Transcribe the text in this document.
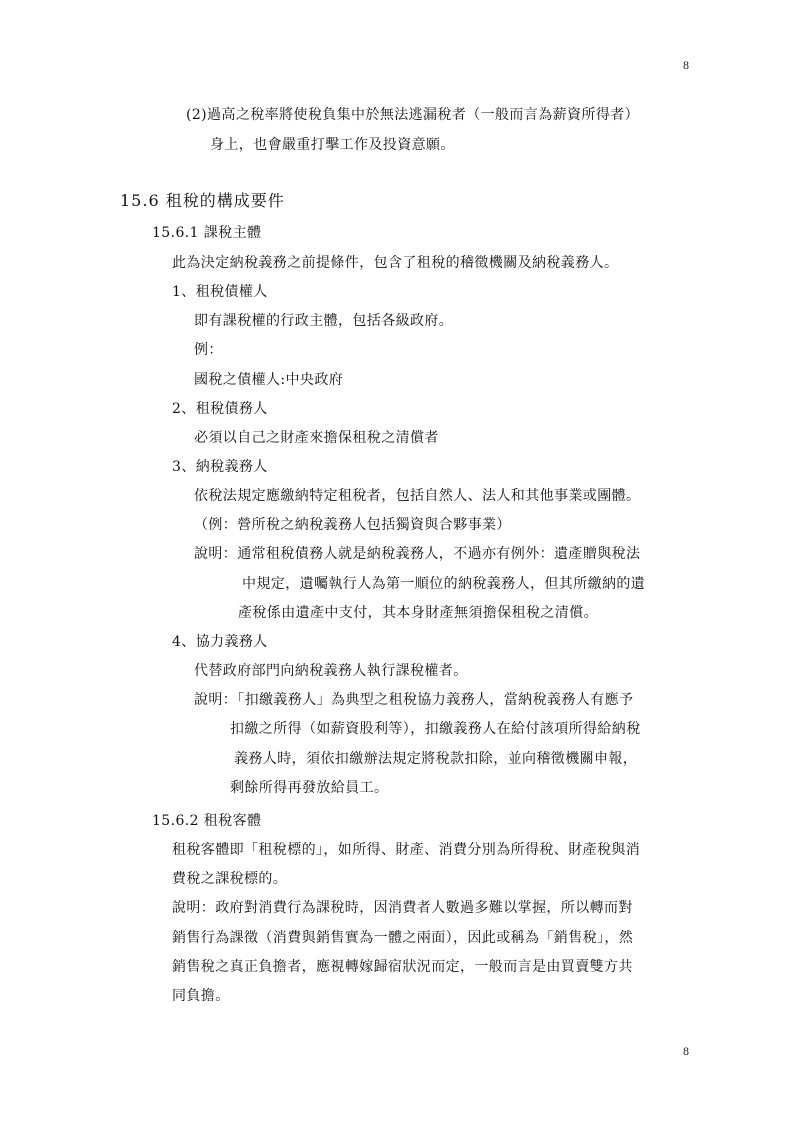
8
(2)過高之稅率將使稅負集中於無法逃漏稅者（一般而言為薪資所得者）
身上，也會嚴重打擊工作及投資意願。
15.6 租稅的構成要件
15.6.1 課稅主體
此為決定納稅義務之前提條件，包含了租稅的稽徵機關及納稅義務人。
1、租稅債權人
即有課稅權的行政主體，包括各級政府。
例：
國稅之債權人:中央政府
2、租稅債務人
必須以自己之財產來擔保租稅之清償者
3、納稅義務人
依稅法規定應繳納特定租稅者，包括自然人、法人和其他事業或團體。
（例：營所稅之納稅義務人包括獨資與合夥事業）
說明：通常租稅債務人就是納稅義務人，不過亦有例外：遺產贈與稅法
中規定，遺囑執行人為第一順位的納稅義務人，但其所繳納的遺
產稅係由遺產中支付，其本身財產無須擔保租稅之清償。
4、協力義務人
代替政府部門向納稅義務人執行課稅權者。
說明：「扣繳義務人」為典型之租稅協力義務人，當納稅義務人有應予
扣繳之所得（如薪資股利等），扣繳義務人在給付該項所得給納稅
義務人時，須依扣繳辦法規定將稅款扣除，並向稽徵機關申報，
剩餘所得再發放給員工。
15.6.2 租稅客體
租稅客體即「租稅標的」，如所得、財產、消費分別為所得稅、財產稅與消
費稅之課稅標的。
說明：政府對消費行為課稅時，因消費者人數過多難以掌握，所以轉而對
銷售行為課徵（消費與銷售實為一體之兩面），因此或稱為「銷售稅」，然
銷售稅之真正負擔者，應視轉嫁歸宿狀況而定，一般而言是由買賣雙方共
同負擔。
8
